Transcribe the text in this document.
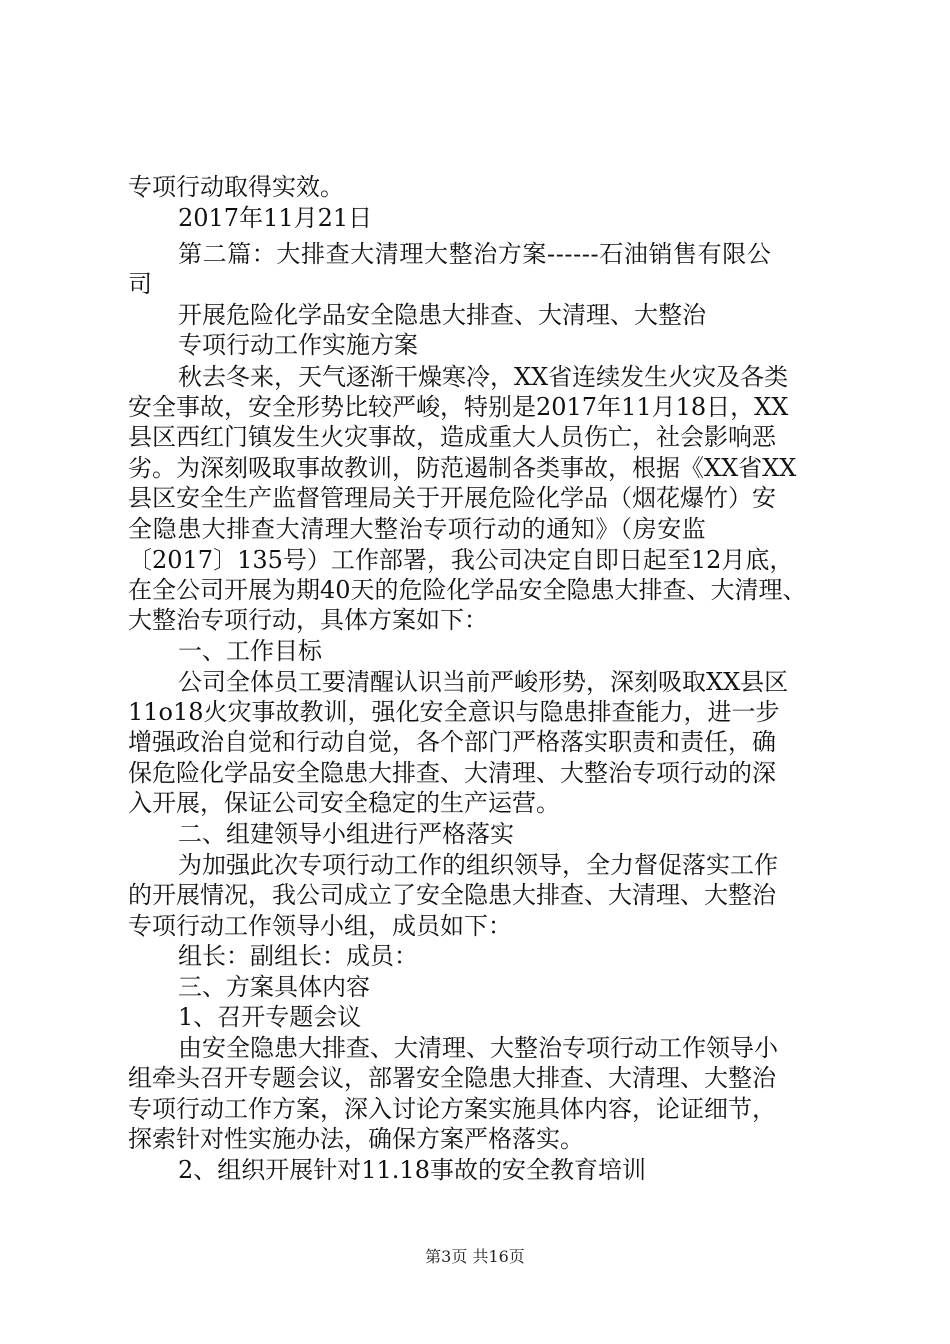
专项行动取得实效。
2017年11月21日
第二篇：大排查大清理大整治方案------石油销售有限公
司
开展危险化学品安全隐患大排查、大清理、大整治
专项行动工作实施方案
秋去冬来，天气逐渐干燥寒冷，XX省连续发生火灾及各类
安全事故，安全形势比较严峻，特别是2017年11月18日，XX
县区西红门镇发生火灾事故，造成重大人员伤亡，社会影响恶
劣。为深刻吸取事故教训，防范遏制各类事故，根据《XX省XX
县区安全生产监督管理局关于开展危险化学品（烟花爆竹）安
全隐患大排查大清理大整治专项行动的通知》（房安监
〔2017〕135号）工作部署，我公司决定自即日起至12月底，
在全公司开展为期40天的危险化学品安全隐患大排查、大清理、
大整治专项行动，具体方案如下：
一、工作目标
公司全体员工要清醒认识当前严峻形势，深刻吸取XX县区
11o18火灾事故教训，强化安全意识与隐患排查能力，进一步
增强政治自觉和行动自觉，各个部门严格落实职责和责任，确
保危险化学品安全隐患大排查、大清理、大整治专项行动的深
入开展，保证公司安全稳定的生产运营。
二、组建领导小组进行严格落实
为加强此次专项行动工作的组织领导，全力督促落实工作
的开展情况，我公司成立了安全隐患大排查、大清理、大整治
专项行动工作领导小组，成员如下：
组长：副组长：成员：
三、方案具体内容
1、召开专题会议
由安全隐患大排查、大清理、大整治专项行动工作领导小
组牵头召开专题会议，部署安全隐患大排查、大清理、大整治
专项行动工作方案，深入讨论方案实施具体内容，论证细节，
探索针对性实施办法，确保方案严格落实。
2、组织开展针对11.18事故的安全教育培训
第3页 共16页
